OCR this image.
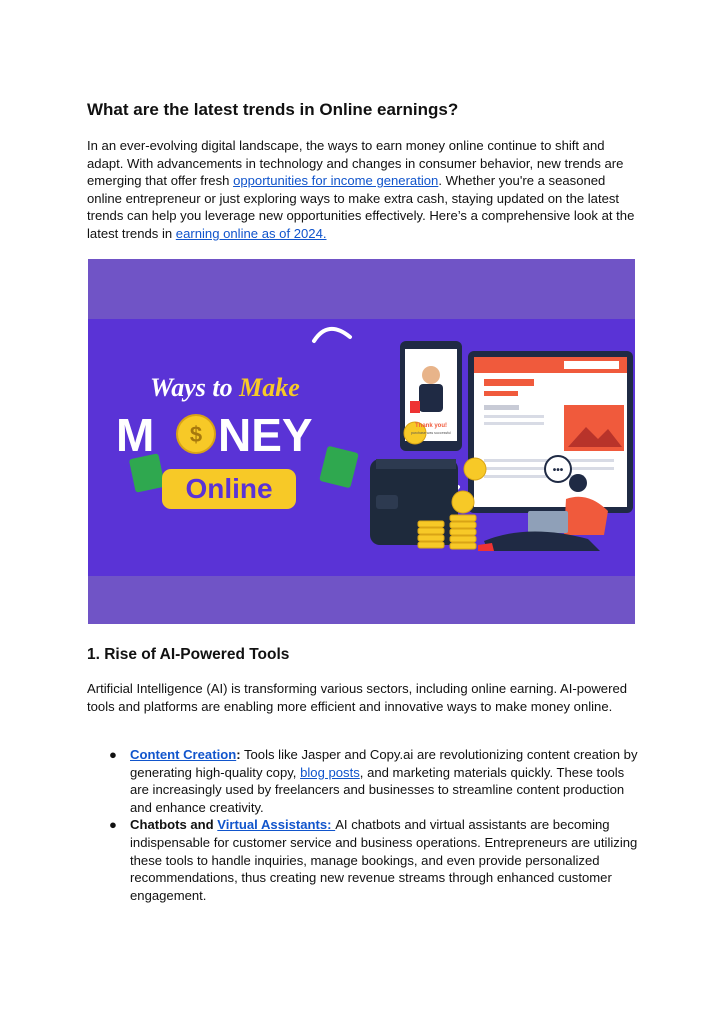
What are the latest trends in Online earnings?

In an ever-evolving digital landscape, the ways to earn money online continue to shift and adapt. With advancements in technology and changes in consumer behavior, new trends are emerging that offer fresh opportunities for income generation. Whether you're a seasoned online entrepreneur or just exploring ways to make extra cash, staying updated on the latest trends can help you leverage new opportunities effectively. Here’s a comprehensive look at the latest trends in earning online as of 2024.

Ways to Make
M $ NEY
Online
Thank you!
purchase was successful
•••
1. Rise of AI-Powered Tools

Artificial Intelligence (AI) is transforming various sectors, including online earning. AI-powered tools and platforms are enabling more efficient and innovative ways to make money online.

● Content Creation: Tools like Jasper and Copy.ai are revolutionizing content creation by generating high-quality copy, blog posts, and marketing materials quickly. These tools are increasingly used by freelancers and businesses to streamline content production and enhance creativity.
● Chatbots and Virtual Assistants: AI chatbots and virtual assistants are becoming indispensable for customer service and business operations. Entrepreneurs are utilizing these tools to handle inquiries, manage bookings, and even provide personalized recommendations, thus creating new revenue streams through enhanced customer engagement.
